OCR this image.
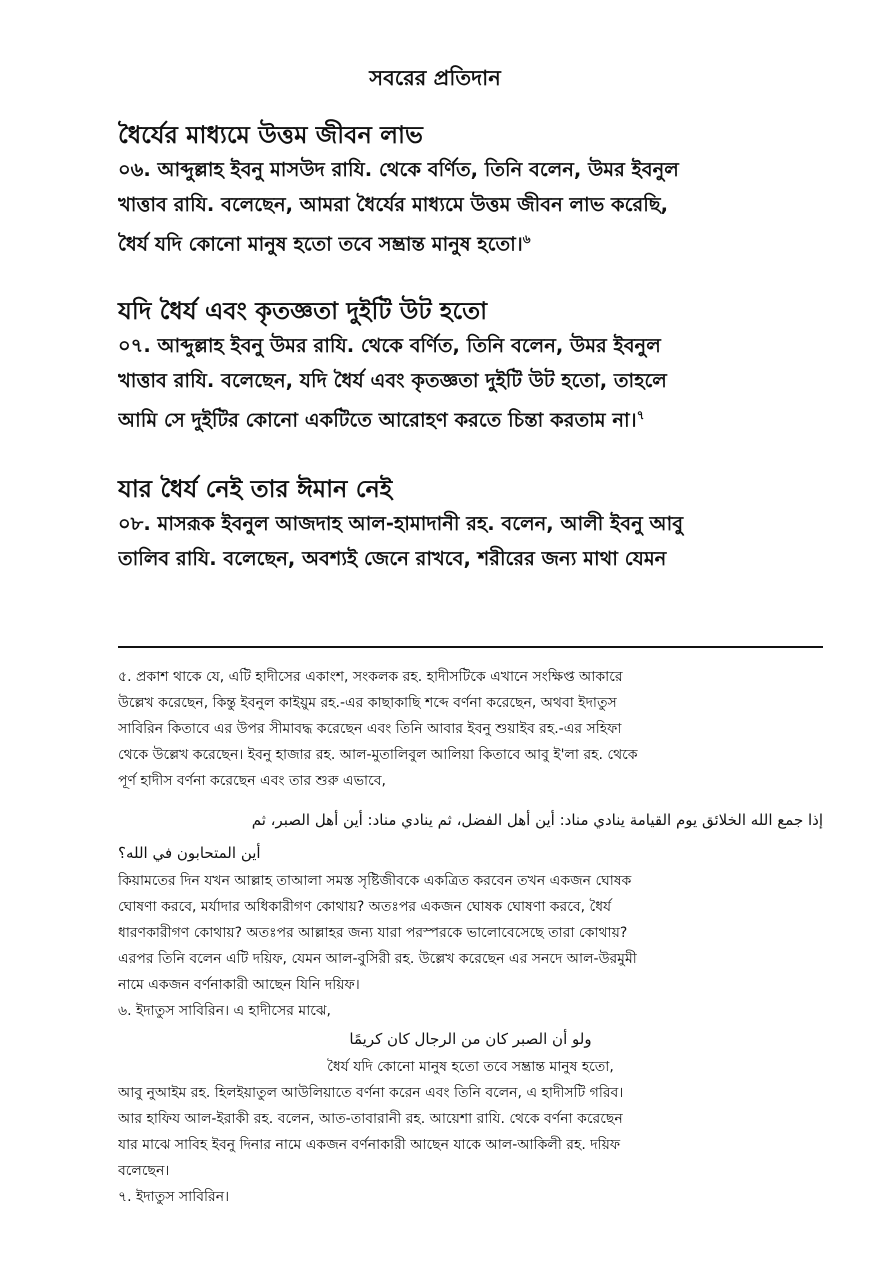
সবরের প্রতিদান
ধৈর্যের মাধ্যমে উত্তম জীবন লাভ
০৬. আব্দুল্লাহ ইবনু মাসউদ রাযি. থেকে বর্ণিত, তিনি বলেন, উমর ইবনুল
খাত্তাব রাযি. বলেছেন, আমরা ধৈর্যের মাধ্যমে উত্তম জীবন লাভ করেছি,
ধৈর্য যদি কোনো মানুষ হতো তবে সম্ভ্রান্ত মানুষ হতো।$^৬$
যদি ধৈর্য এবং কৃতজ্ঞতা দুইটি উট হতো
০৭. আব্দুল্লাহ ইবনু উমর রাযি. থেকে বর্ণিত, তিনি বলেন, উমর ইবনুল
খাত্তাব রাযি. বলেছেন, যদি ধৈর্য এবং কৃতজ্ঞতা দুইটি উট হতো, তাহলে
আমি সে দুইটির কোনো একটিতে আরোহণ করতে চিন্তা করতাম না।$^৭$
যার ধৈর্য নেই তার ঈমান নেই
০৮. মাসরূক ইবনুল আজদাহ আল-হামাদানী রহ. বলেন, আলী ইবনু আবু
তালিব রাযি. বলেছেন, অবশ্যই জেনে রাখবে, শরীরের জন্য মাথা যেমন
৫. প্রকাশ থাকে যে, এটি হাদীসের একাংশ, সংকলক রহ. হাদীসটিকে এখানে সংক্ষিপ্ত আকারে
উল্লেখ করেছেন, কিন্তু ইবনুল কাইয়ুম রহ.-এর কাছাকাছি শব্দে বর্ণনা করেছেন, অথবা ইদাতুস
সাবিরিন কিতাবে এর উপর সীমাবদ্ধ করেছেন এবং তিনি আবার ইবনু শুয়াইব রহ.-এর সহিফা
থেকে উল্লেখ করেছেন। ইবনু হাজার রহ. আল-মুতালিবুল আলিয়া কিতাবে আবু ই'লা রহ. থেকে
পূর্ণ হাদীস বর্ণনা করেছেন এবং তার শুরু এভাবে,
إذا جمع الله الخلائق يوم القيامة ينادي مناد: أين أهل الفضل، ثم ينادي مناد: أين أهل الصبر، ثم
أين المتحابون في الله؟
কিয়ামতের দিন যখন আল্লাহ তাআলা সমস্ত সৃষ্টিজীবকে একত্রিত করবেন তখন একজন ঘোষক
ঘোষণা করবে, মর্যাদার অধিকারীগণ কোথায়? অতঃপর একজন ঘোষক ঘোষণা করবে, ধৈর্য
ধারণকারীগণ কোথায়? অতঃপর আল্লাহর জন্য যারা পরস্পরকে ভালোবেসেছে তারা কোথায়?
এরপর তিনি বলেন এটি দয়িফ, যেমন আল-বুসিরী রহ. উল্লেখ করেছেন এর সনদে আল-উরমুমী
নামে একজন বর্ণনাকারী আছেন যিনি দয়িফ।
৬. ইদাতুস সাবিরিন। এ হাদীসের মাঝে,
ولو أن الصبر كان من الرجال كان كريمًا
ধৈর্য যদি কোনো মানুষ হতো তবে সম্ভ্রান্ত মানুষ হতো,
আবু নুআইম রহ. হিলইয়াতুল আউলিয়াতে বর্ণনা করেন এবং তিনি বলেন, এ হাদীসটি গরিব।
আর হাফিয আল-ইরাকী রহ. বলেন, আত-তাবারানী রহ. আয়েশা রাযি. থেকে বর্ণনা করেছেন
যার মাঝে সাবিহ ইবনু দিনার নামে একজন বর্ণনাকারী আছেন যাকে আল-আকিলী রহ. দয়িফ
বলেছেন।
৭. ইদাতুস সাবিরিন।
